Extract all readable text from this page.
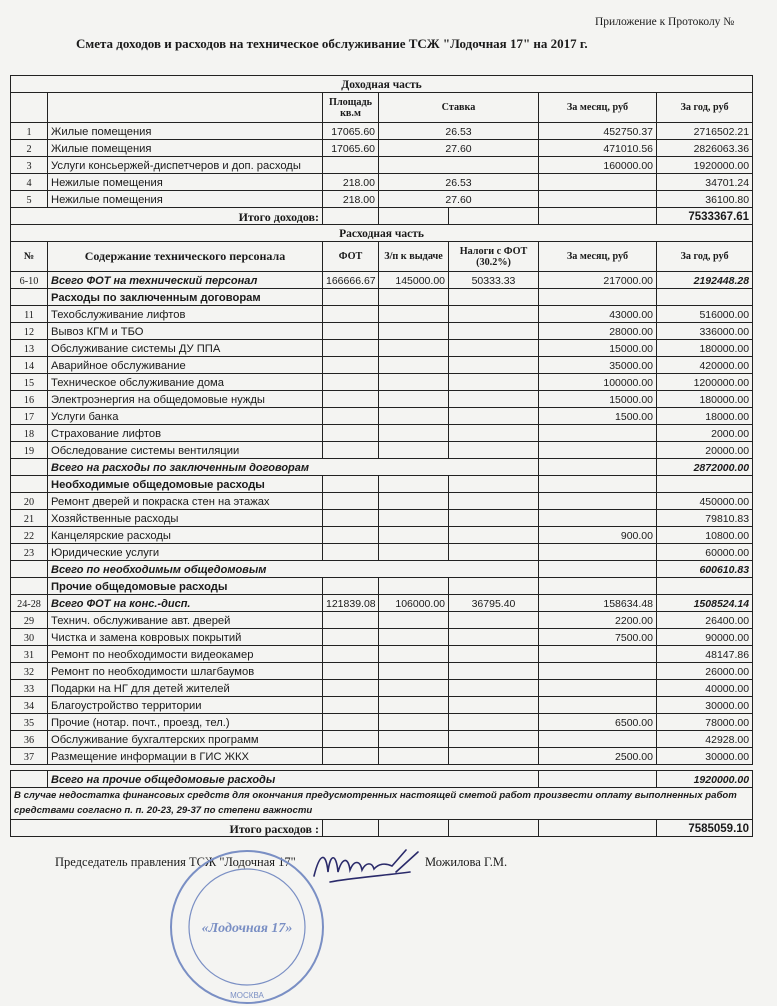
Приложение к Протоколу №
Смета доходов и расходов на техническое обслуживание ТСЖ "Лодочная 17" на 2017 г.
Доходная часть						
		Площадь кв.м	Ставка		За месяц, руб	За год, руб
1	Жилые помещения	17065.60	26.53		452750.37	2716502.21
2	Жилые помещения	17065.60	27.60		471010.56	2826063.36
3	Услуги консьержей-диспетчеров и доп. расходы				160000.00	1920000.00
4	Нежилые помещения	218.00	26.53			34701.24
5	Нежилые помещения	218.00	27.60			36100.80
Итого доходов:						7533367.61
Расходная часть						
№	Содержание технического персонала	ФОТ	З/п к выдаче	Налоги с ФОТ (30.2%)	За месяц, руб	За год, руб
6-10	Всего ФОТ на технический персонал	166666.67	145000.00	50333.33	217000.00	2192448.28
	Расходы по заключенным договорам					
11	Техобслуживание лифтов				43000.00	516000.00
12	Вывоз КГМ и ТБО				28000.00	336000.00
13	Обслуживание системы ДУ ППА				15000.00	180000.00
14	Аварийное обслуживание				35000.00	420000.00
15	Техническое обслуживание дома				100000.00	1200000.00
16	Электроэнергия на общедомовые нужды				15000.00	180000.00
17	Услуги банка				1500.00	18000.00
18	Страхование лифтов					2000.00
19	Обследование системы вентиляции					20000.00
	Всего на расходы по заключенным договорам					2872000.00
	Необходимые общедомовые расходы					
20	Ремонт дверей и покраска стен на этажах					450000.00
21	Хозяйственные расходы					79810.83
22	Канцелярские расходы				900.00	10800.00
23	Юридические услуги					60000.00
	Всего по необходимым общедомовым					600610.83
	Прочие общедомовые расходы					
24-28	Всего ФОТ на конс.-дисп.	121839.08	106000.00	36795.40	158634.48	1508524.14
29	Технич. обслуживание авт. дверей				2200.00	26400.00
30	Чистка и замена ковровых покрытий				7500.00	90000.00
31	Ремонт по необходимости видеокамер					48147.86
32	Ремонт по необходимости шлагбаумов					26000.00
33	Подарки на НГ для детей жителей					40000.00
34	Благоустройство территории					30000.00
35	Прочие (нотар. почт., проезд, тел.)				6500.00	78000.00
36	Обслуживание бухгалтерских программ					42928.00
37	Размещение информации в ГИС ЖКХ				2500.00	30000.00

	Всего на прочие общедомовые расходы					1920000.00
В случае недостатка финансовых средств для окончания предусмотренных настоящей сметой работ произвести оплату выполненных работ средствами согласно п. п. 20-23, 29-37 по степени важности						
Итого расходов :						7585059.10
Председатель правления ТСЖ "Лодочная 17"	Можилова Г.М.
«Лодочная 17»
МОСКВА
